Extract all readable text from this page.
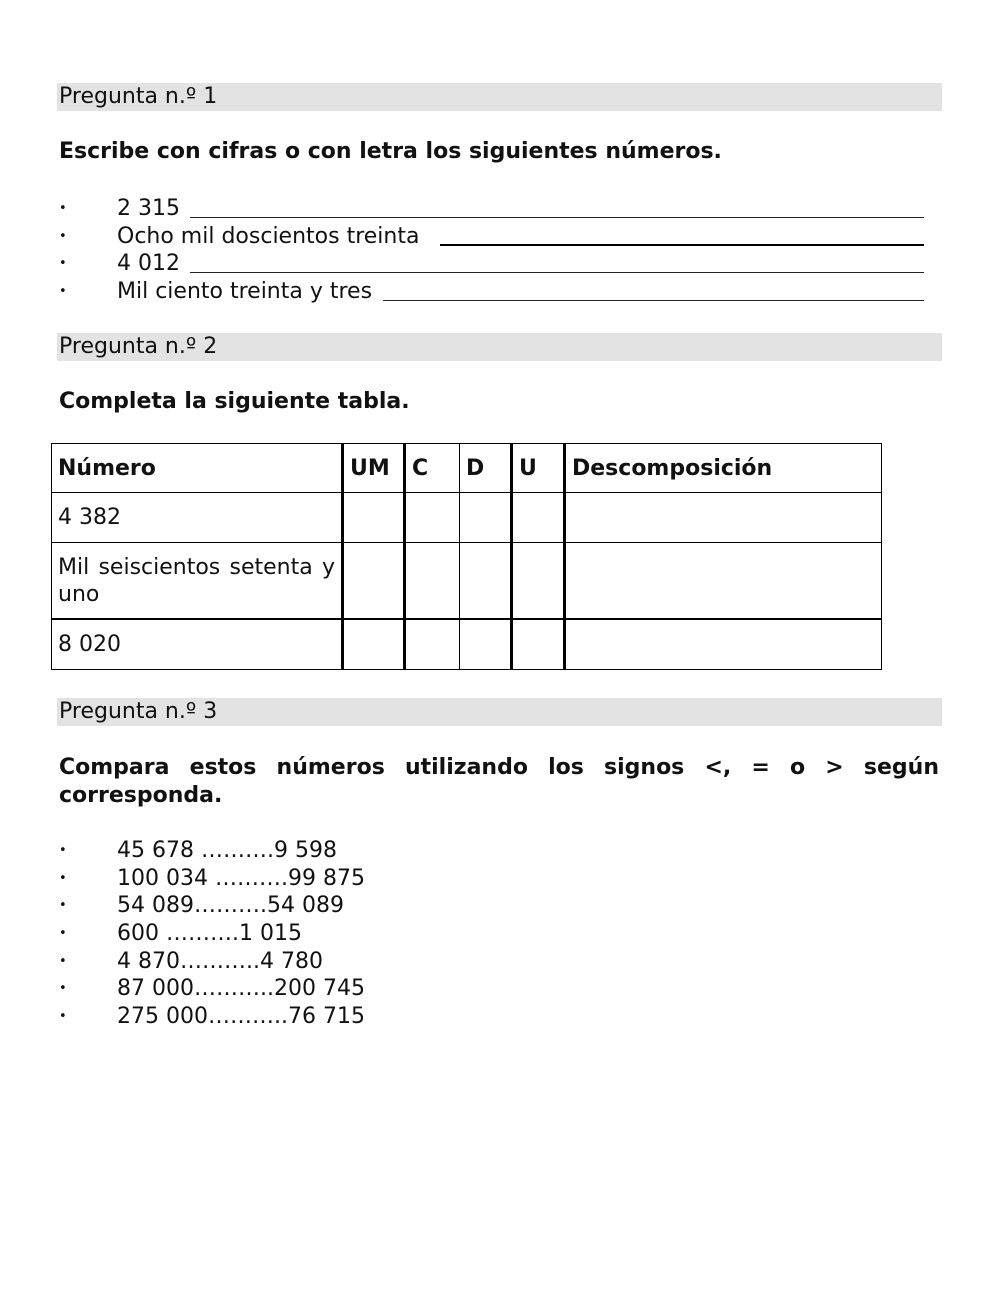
Pregunta n.º 1
Escribe con cifras o con letra los siguientes números.
• 2 315
• Ocho mil doscientos treinta
• 4 012
• Mil ciento treinta y tres
Pregunta n.º 2
Completa la siguiente tabla.
Número	UM	C	D	U	Descomposición
4 382					
Mil seiscientos setenta y uno					
8 020					
Pregunta n.º 3
Compara estos números utilizando los signos <, = o > según corresponda.
• 45 678 ……….9 598
• 100 034 ……….99 875
• 54 089……….54 089
• 600 ……….1 015
• 4 870………..4 780
• 87 000………..200 745
• 275 000………..76 715
